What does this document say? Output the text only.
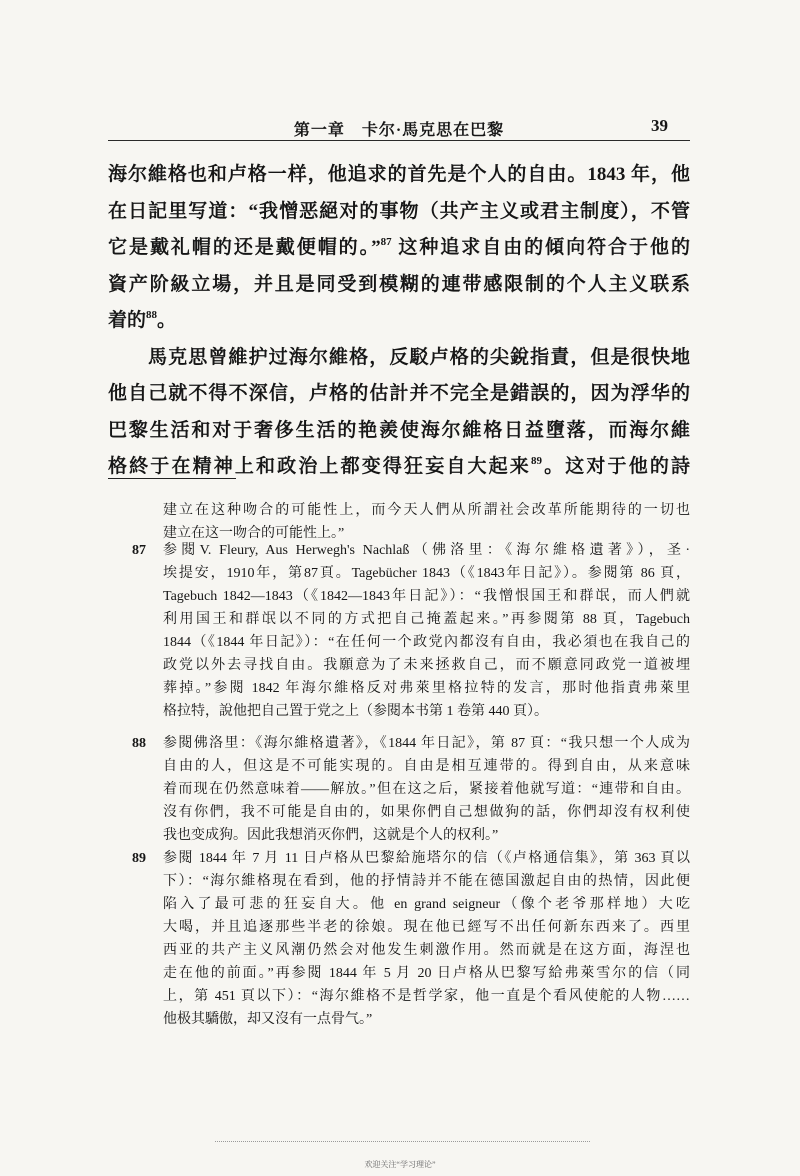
第一章　卡尔·馬克思在巴黎	39
海尔維格也和卢格一样，他追求的首先是个人的自由。1843 年，他
在日記里写道：“我憎恶絕对的事物（共产主义或君主制度），不管
它是戴礼帽的还是戴便帽的。”$^{87}$ 这种追求自由的傾向符合于他的
資产阶級立場，并且是同受到模糊的連带感限制的个人主义联系
着的$^{88}$。
馬克思曾維护过海尔維格，反駁卢格的尖銳指責，但是很快地
他自己就不得不深信，卢格的估計并不完全是錯誤的，因为浮华的
巴黎生活和对于奢侈生活的艳羨使海尔維格日益墮落，而海尔維
格終于在精神上和政治上都变得狂妄自大起来$^{89}$。这对于他的詩
建立在这种吻合的可能性上，而今天人們从所謂社会改革所能期待的一切也
建立在这一吻合的可能性上。”
87 参閱V. Fleury, Aus Herwegh's Nachlaß（佛洛里：《海尔維格遺著》），圣·
埃提安，1910年，第87頁。Tagebücher 1843（《1843年日記》）。参閱第 86 頁，
Tagebuch 1842—1843（《1842—1843年日記》）：“我憎恨国王和群氓，而人們就
利用国王和群氓以不同的方式把自己掩蓋起来。”再参閱第 88 頁，Tagebuch
1844（《1844 年日記》）：“在任何一个政党內都沒有自由，我必須也在我自己的
政党以外去寻找自由。我願意为了未来拯救自己，而不願意同政党一道被埋
葬掉。”参閱 1842 年海尔維格反对弗萊里格拉特的发言，那时他指責弗萊里
格拉特，說他把自己置于党之上（参閱本书第 1 卷第 440 頁）。
88 参閱佛洛里：《海尔維格遺著》，《1844 年日記》，第 87 頁：“我只想一个人成为
自由的人，但这是不可能实現的。自由是相互連带的。得到自由，从来意味
着而现在仍然意味着——解放。”但在这之后，紧接着他就写道：“連带和自由。
沒有你們，我不可能是自由的，如果你們自己想做狗的話，你們却沒有权利使
我也变成狗。因此我想消灭你們，这就是个人的权利。”
89 参閱 1844 年 7 月 11 日卢格从巴黎給施塔尔的信（《卢格通信集》，第 363 頁以
下）：“海尔維格現在看到，他的抒情詩并不能在德国激起自由的热情，因此便
陷入了最可悲的狂妄自大。他 en grand seigneur（像个老爷那样地）大吃
大喝，并且追逐那些半老的徐娘。現在他已經写不出任何新东西来了。西里
西亚的共产主义风潮仍然会对他发生刺激作用。然而就是在这方面，海涅也
走在他的前面。”再参閱 1844 年 5 月 20 日卢格从巴黎写給弗萊雪尔的信（同
上，第 451 頁以下）：“海尔維格不是哲学家，他一直是个看风使舵的人物……
他极其驕傲，却又沒有一点骨气。”
欢迎关注“学习理论”
